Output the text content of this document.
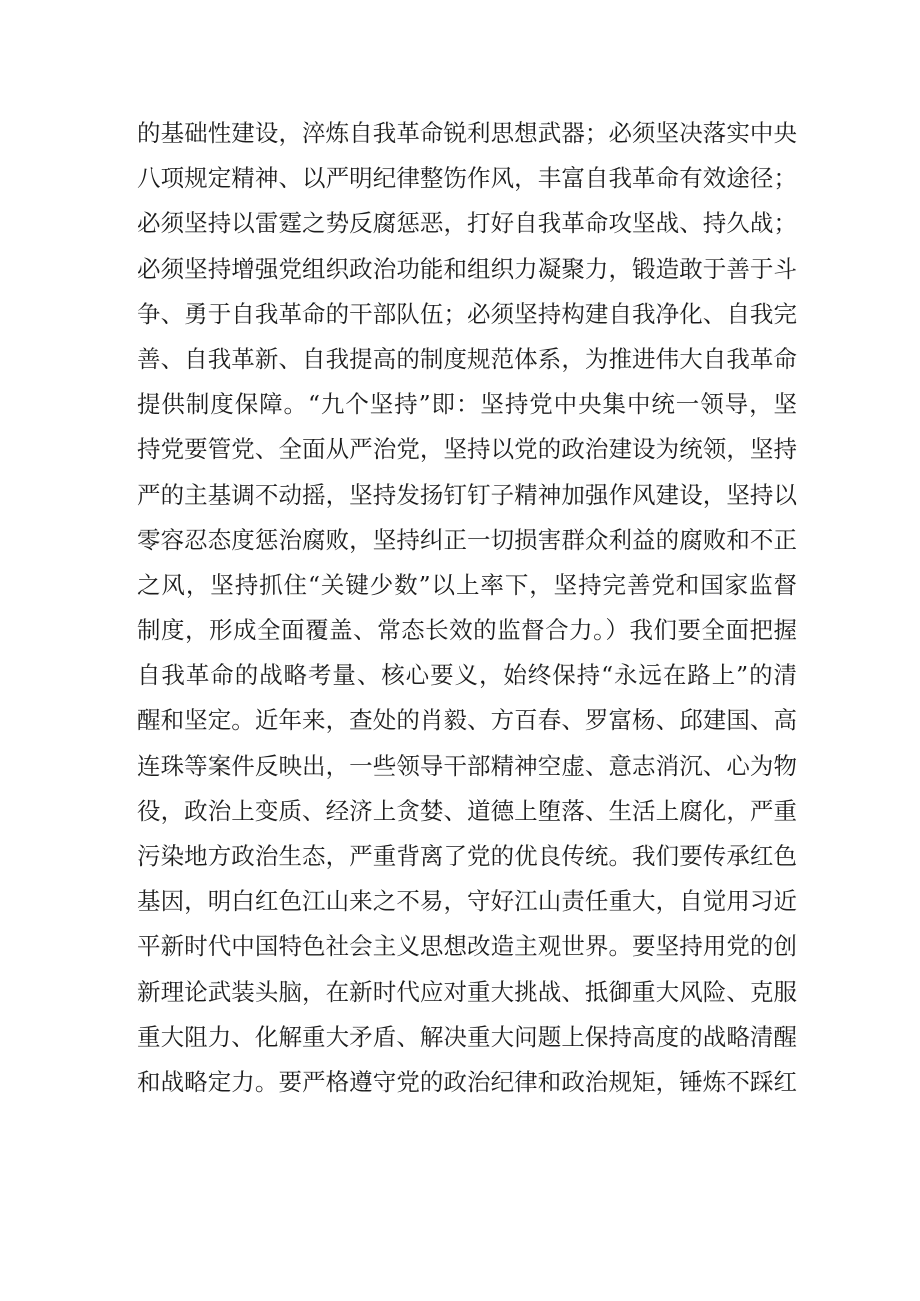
的基础性建设，淬炼自我革命锐利思想武器；必须坚决落实中央
八项规定精神、以严明纪律整饬作风，丰富自我革命有效途径；
必须坚持以雷霆之势反腐惩恶，打好自我革命攻坚战、持久战；
必须坚持增强党组织政治功能和组织力凝聚力，锻造敢于善于斗
争、勇于自我革命的干部队伍；必须坚持构建自我净化、自我完
善、自我革新、自我提高的制度规范体系，为推进伟大自我革命
提供制度保障。“九个坚持”即：坚持党中央集中统一领导，坚
持党要管党、全面从严治党，坚持以党的政治建设为统领，坚持
严的主基调不动摇，坚持发扬钉钉子精神加强作风建设，坚持以
零容忍态度惩治腐败，坚持纠正一切损害群众利益的腐败和不正
之风，坚持抓住“关键少数”以上率下，坚持完善党和国家监督
制度，形成全面覆盖、常态长效的监督合力。）我们要全面把握
自我革命的战略考量、核心要义，始终保持“永远在路上”的清
醒和坚定。近年来，查处的肖毅、方百春、罗富杨、邱建国、高
连珠等案件反映出，一些领导干部精神空虚、意志消沉、心为物
役，政治上变质、经济上贪婪、道德上堕落、生活上腐化，严重
污染地方政治生态，严重背离了党的优良传统。我们要传承红色
基因，明白红色江山来之不易，守好江山责任重大，自觉用习近
平新时代中国特色社会主义思想改造主观世界。要坚持用党的创
新理论武装头脑，在新时代应对重大挑战、抵御重大风险、克服
重大阻力、化解重大矛盾、解决重大问题上保持高度的战略清醒
和战略定力。要严格遵守党的政治纪律和政治规矩，锤炼不踩红
